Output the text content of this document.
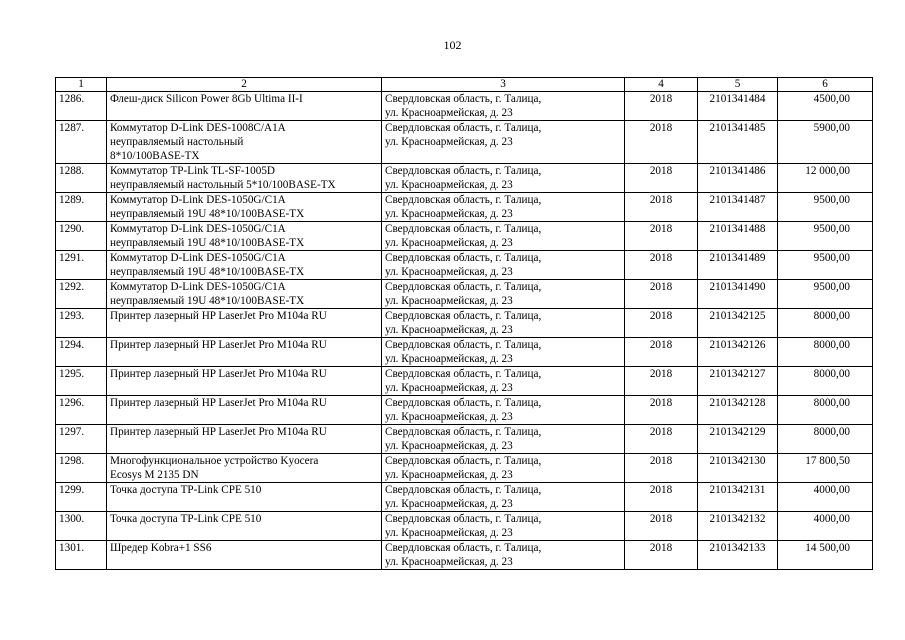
102
1	2	3	4	5	6
1286.	Флеш-диск Silicon Power 8Gb Ultima II-I	Свердловская область, г. Талица,
ул. Красноармейская, д. 23	2018	2101341484	4500,00
1287.	Коммутатор D-Link DES-1008C/A1A
неуправляемый настольный
8*10/100BASE-TX	Свердловская область, г. Талица,
ул. Красноармейская, д. 23	2018	2101341485	5900,00
1288.	Коммутатор TP-Link TL-SF-1005D
неуправляемый настольный 5*10/100BASE-TX	Свердловская область, г. Талица,
ул. Красноармейская, д. 23	2018	2101341486	12 000,00
1289.	Коммутатор D-Link DES-1050G/C1A
неуправляемый 19U 48*10/100BASE-TX	Свердловская область, г. Талица,
ул. Красноармейская, д. 23	2018	2101341487	9500,00
1290.	Коммутатор D-Link DES-1050G/C1A
неуправляемый 19U 48*10/100BASE-TX	Свердловская область, г. Талица,
ул. Красноармейская, д. 23	2018	2101341488	9500,00
1291.	Коммутатор D-Link DES-1050G/C1A
неуправляемый 19U 48*10/100BASE-TX	Свердловская область, г. Талица,
ул. Красноармейская, д. 23	2018	2101341489	9500,00
1292.	Коммутатор D-Link DES-1050G/C1A
неуправляемый 19U 48*10/100BASE-TX	Свердловская область, г. Талица,
ул. Красноармейская, д. 23	2018	2101341490	9500,00
1293.	Принтер лазерный HP LaserJet Pro M104a RU	Свердловская область, г. Талица,
ул. Красноармейская, д. 23	2018	2101342125	8000,00
1294.	Принтер лазерный HP LaserJet Pro M104a RU	Свердловская область, г. Талица,
ул. Красноармейская, д. 23	2018	2101342126	8000,00
1295.	Принтер лазерный HP LaserJet Pro M104a RU	Свердловская область, г. Талица,
ул. Красноармейская, д. 23	2018	2101342127	8000,00
1296.	Принтер лазерный HP LaserJet Pro M104a RU	Свердловская область, г. Талица,
ул. Красноармейская, д. 23	2018	2101342128	8000,00
1297.	Принтер лазерный HP LaserJet Pro M104a RU	Свердловская область, г. Талица,
ул. Красноармейская, д. 23	2018	2101342129	8000,00
1298.	Многофункциональное устройство Kyocera
Ecosys M 2135 DN	Свердловская область, г. Талица,
ул. Красноармейская, д. 23	2018	2101342130	17 800,50
1299.	Точка доступа TP-Link CPE 510	Свердловская область, г. Талица,
ул. Красноармейская, д. 23	2018	2101342131	4000,00
1300.	Точка доступа TP-Link CPE 510	Свердловская область, г. Талица,
ул. Красноармейская, д. 23	2018	2101342132	4000,00
1301.	Шредер Kobra+1 SS6	Свердловская область, г. Талица,
ул. Красноармейская, д. 23	2018	2101342133	14 500,00
